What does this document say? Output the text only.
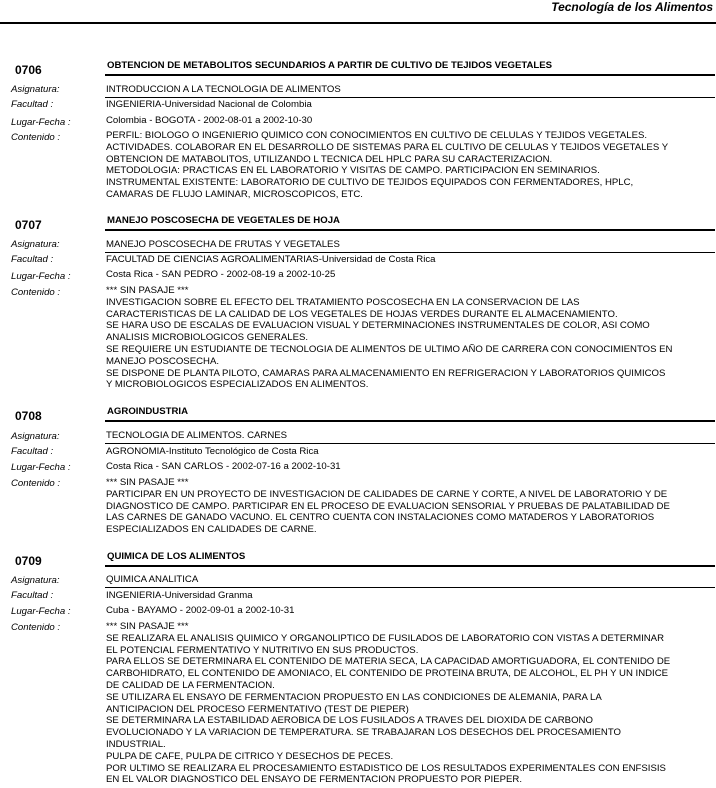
Tecnología de los Alimentos
0706	OBTENCION DE METABOLITOS SECUNDARIOS A PARTIR DE CULTIVO DE TEJIDOS VEGETALES
Asignatura:	INTRODUCCION A LA TECNOLOGIA DE ALIMENTOS
Facultad :	INGENIERIA-Universidad Nacional de Colombia
Lugar-Fecha :	Colombia - BOGOTA - 2002-08-01 a 2002-10-30
Contenido :	PERFIL: BIOLOGO O INGENIERIO QUIMICO CON CONOCIMIENTOS EN CULTIVO DE CELULAS Y TEJIDOS VEGETALES.
ACTIVIDADES. COLABORAR EN EL DESARROLLO DE SISTEMAS PARA EL CULTIVO DE CELULAS Y TEJIDOS VEGETALES Y
OBTENCION DE MATABOLITOS, UTILIZANDO L TECNICA DEL HPLC PARA SU CARACTERIZACION.
METODOLOGIA: PRACTICAS EN EL LABORATORIO Y VISITAS DE CAMPO. PARTICIPACION EN SEMINARIOS.
INSTRUMENTAL EXISTENTE: LABORATORIO DE CULTIVO DE TEJIDOS EQUIPADOS CON FERMENTADORES, HPLC,
CAMARAS DE FLUJO LAMINAR, MICROSCOPICOS, ETC.
0707	MANEJO POSCOSECHA DE VEGETALES DE HOJA
Asignatura:	MANEJO POSCOSECHA DE FRUTAS Y VEGETALES
Facultad :	FACULTAD DE CIENCIAS AGROALIMENTARIAS-Universidad de Costa Rica
Lugar-Fecha :	Costa Rica - SAN PEDRO - 2002-08-19 a 2002-10-25
Contenido :	*** SIN PASAJE ***
INVESTIGACION SOBRE EL EFECTO DEL TRATAMIENTO POSCOSECHA EN LA CONSERVACION DE LAS
CARACTERISTICAS DE LA CALIDAD DE LOS VEGETALES DE HOJAS VERDES DURANTE EL ALMACENAMIENTO.
SE HARA USO DE ESCALAS DE EVALUACION VISUAL Y DETERMINACIONES INSTRUMENTALES DE COLOR, ASI COMO
ANALISIS MICROBIOLOGICOS GENERALES.
SE REQUIERE UN ESTUDIANTE DE TECNOLOGIA DE ALIMENTOS DE ULTIMO AÑO DE CARRERA CON CONOCIMIENTOS EN
MANEJO POSCOSECHA.
SE DISPONE DE PLANTA PILOTO, CAMARAS PARA ALMACENAMIENTO EN REFRIGERACION Y LABORATORIOS QUIMICOS
Y MICROBIOLOGICOS ESPECIALIZADOS EN ALIMENTOS.
0708	AGROINDUSTRIA
Asignatura:	TECNOLOGIA DE ALIMENTOS. CARNES
Facultad :	AGRONOMIA-Instituto Tecnológico de Costa Rica
Lugar-Fecha :	Costa Rica - SAN CARLOS - 2002-07-16 a 2002-10-31
Contenido :	*** SIN PASAJE ***
PARTICIPAR EN UN PROYECTO DE INVESTIGACION DE CALIDADES DE CARNE Y CORTE, A NIVEL DE LABORATORIO Y DE
DIAGNOSTICO DE CAMPO. PARTICIPAR EN EL PROCESO DE EVALUACION SENSORIAL Y PRUEBAS DE PALATABILIDAD DE
LAS CARNES DE GANADO VACUNO. EL CENTRO CUENTA CON INSTALACIONES COMO MATADEROS Y LABORATORIOS
ESPECIALIZADOS EN CALIDADES DE CARNE.
0709	QUIMICA DE LOS ALIMENTOS
Asignatura:	QUIMICA ANALITICA
Facultad :	INGENIERIA-Universidad Granma
Lugar-Fecha :	Cuba - BAYAMO - 2002-09-01 a 2002-10-31
Contenido :	*** SIN PASAJE ***
SE REALIZARA EL ANALISIS QUIMICO Y ORGANOLIPTICO DE FUSILADOS DE LABORATORIO CON VISTAS A DETERMINAR
EL POTENCIAL FERMENTATIVO Y NUTRITIVO EN SUS PRODUCTOS.
PARA ELLOS SE DETERMINARA EL CONTENIDO DE MATERIA SECA, LA CAPACIDAD AMORTIGUADORA, EL CONTENIDO DE
CARBOHIDRATO, EL CONTENIDO DE AMONIACO, EL CONTENIDO DE PROTEINA BRUTA, DE ALCOHOL, EL PH Y UN INDICE
DE CALIDAD DE LA FERMENTACION.
SE UTILIZARA EL ENSAYO DE FERMENTACION PROPUESTO EN LAS CONDICIONES DE ALEMANIA, PARA LA
ANTICIPACION DEL PROCESO FERMENTATIVO (TEST DE PIEPER)
SE DETERMINARA LA ESTABILIDAD AEROBICA DE LOS FUSILADOS A TRAVES DEL DIOXIDA DE CARBONO
EVOLUCIONADO Y LA VARIACION DE TEMPERATURA. SE TRABAJARAN LOS DESECHOS DEL PROCESAMIENTO
INDUSTRIAL.
PULPA DE CAFE, PULPA DE CITRICO Y DESECHOS DE PECES.
POR ULTIMO SE REALIZARA EL PROCESAMIENTO ESTADISTICO DE LOS RESULTADOS EXPERIMENTALES CON ENFSISIS
EN EL VALOR DIAGNOSTICO DEL ENSAYO DE FERMENTACION PROPUESTO POR PIEPER.
